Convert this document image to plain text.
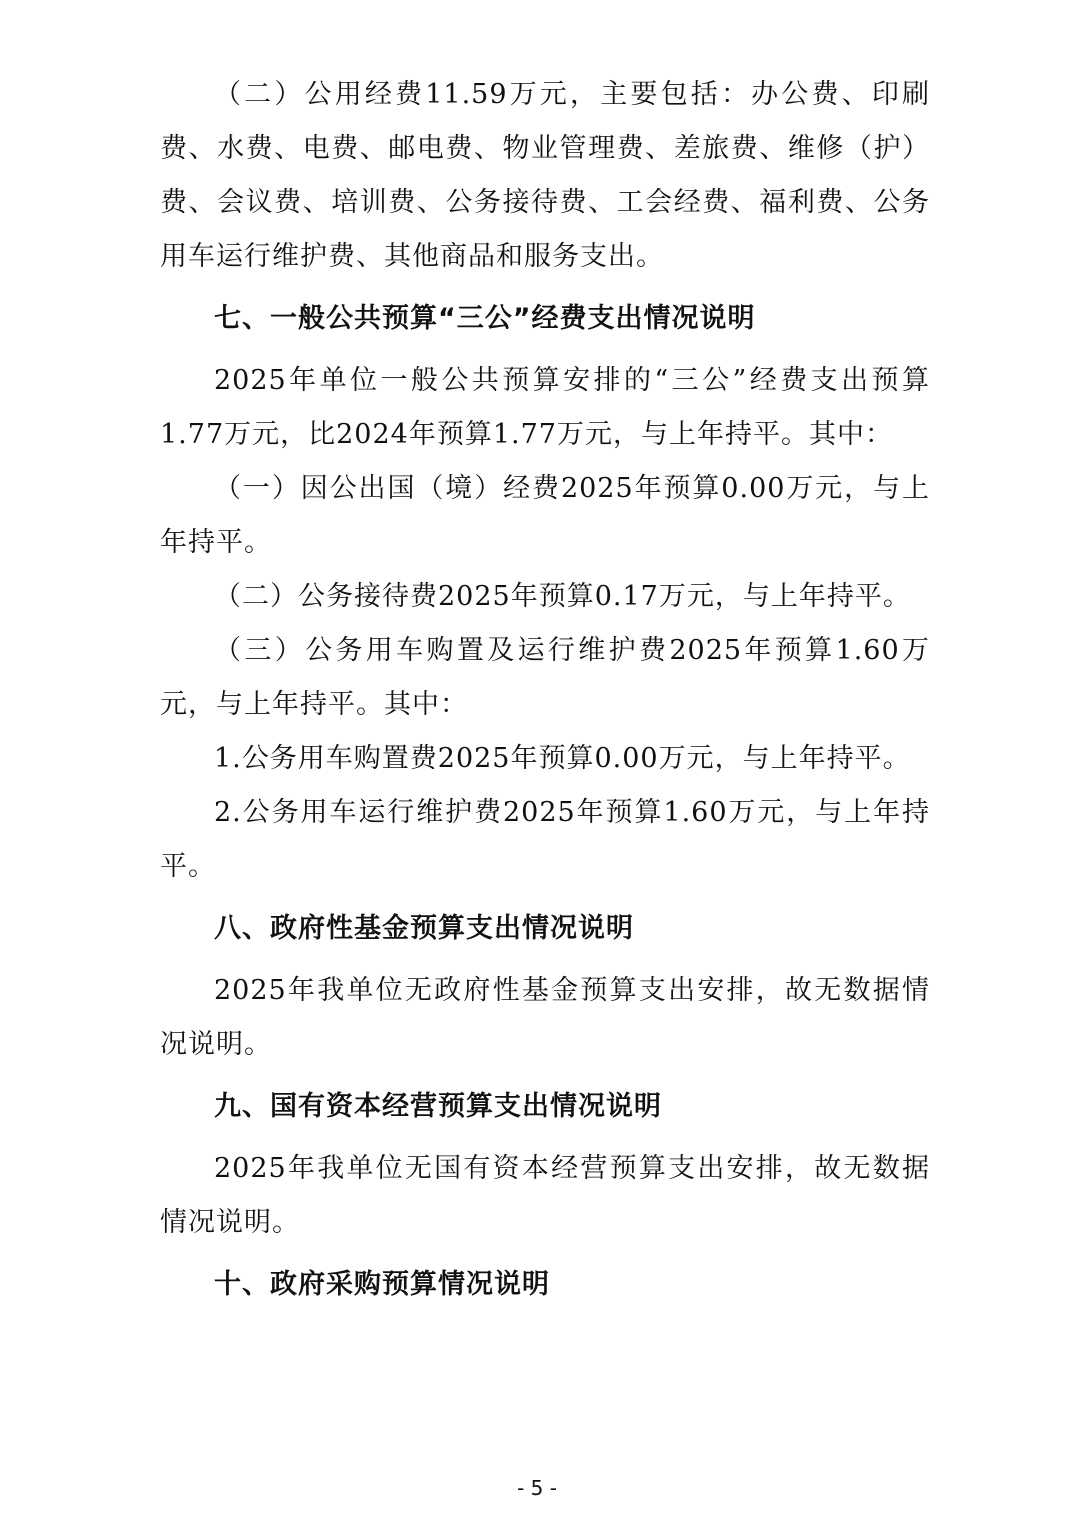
（二）公用经费11.59万元，主要包括：办公费、印刷费、水费、电费、邮电费、物业管理费、差旅费、维修（护）费、会议费、培训费、公务接待费、工会经费、福利费、公务用车运行维护费、其他商品和服务支出。

七、一般公共预算“三公”经费支出情况说明

2025年单位一般公共预算安排的“三公”经费支出预算1.77万元，比2024年预算1.77万元，与上年持平。其中：

（一）因公出国（境）经费2025年预算0.00万元，与上年持平。

（二）公务接待费2025年预算0.17万元，与上年持平。

（三）公务用车购置及运行维护费2025年预算1.60万元，与上年持平。其中：

1.公务用车购置费2025年预算0.00万元，与上年持平。

2.公务用车运行维护费2025年预算1.60万元，与上年持平。

八、政府性基金预算支出情况说明

2025年我单位无政府性基金预算支出安排，故无数据情况说明。

九、国有资本经营预算支出情况说明

2025年我单位无国有资本经营预算支出安排，故无数据情况说明。

十、政府采购预算情况说明

- 5 -
